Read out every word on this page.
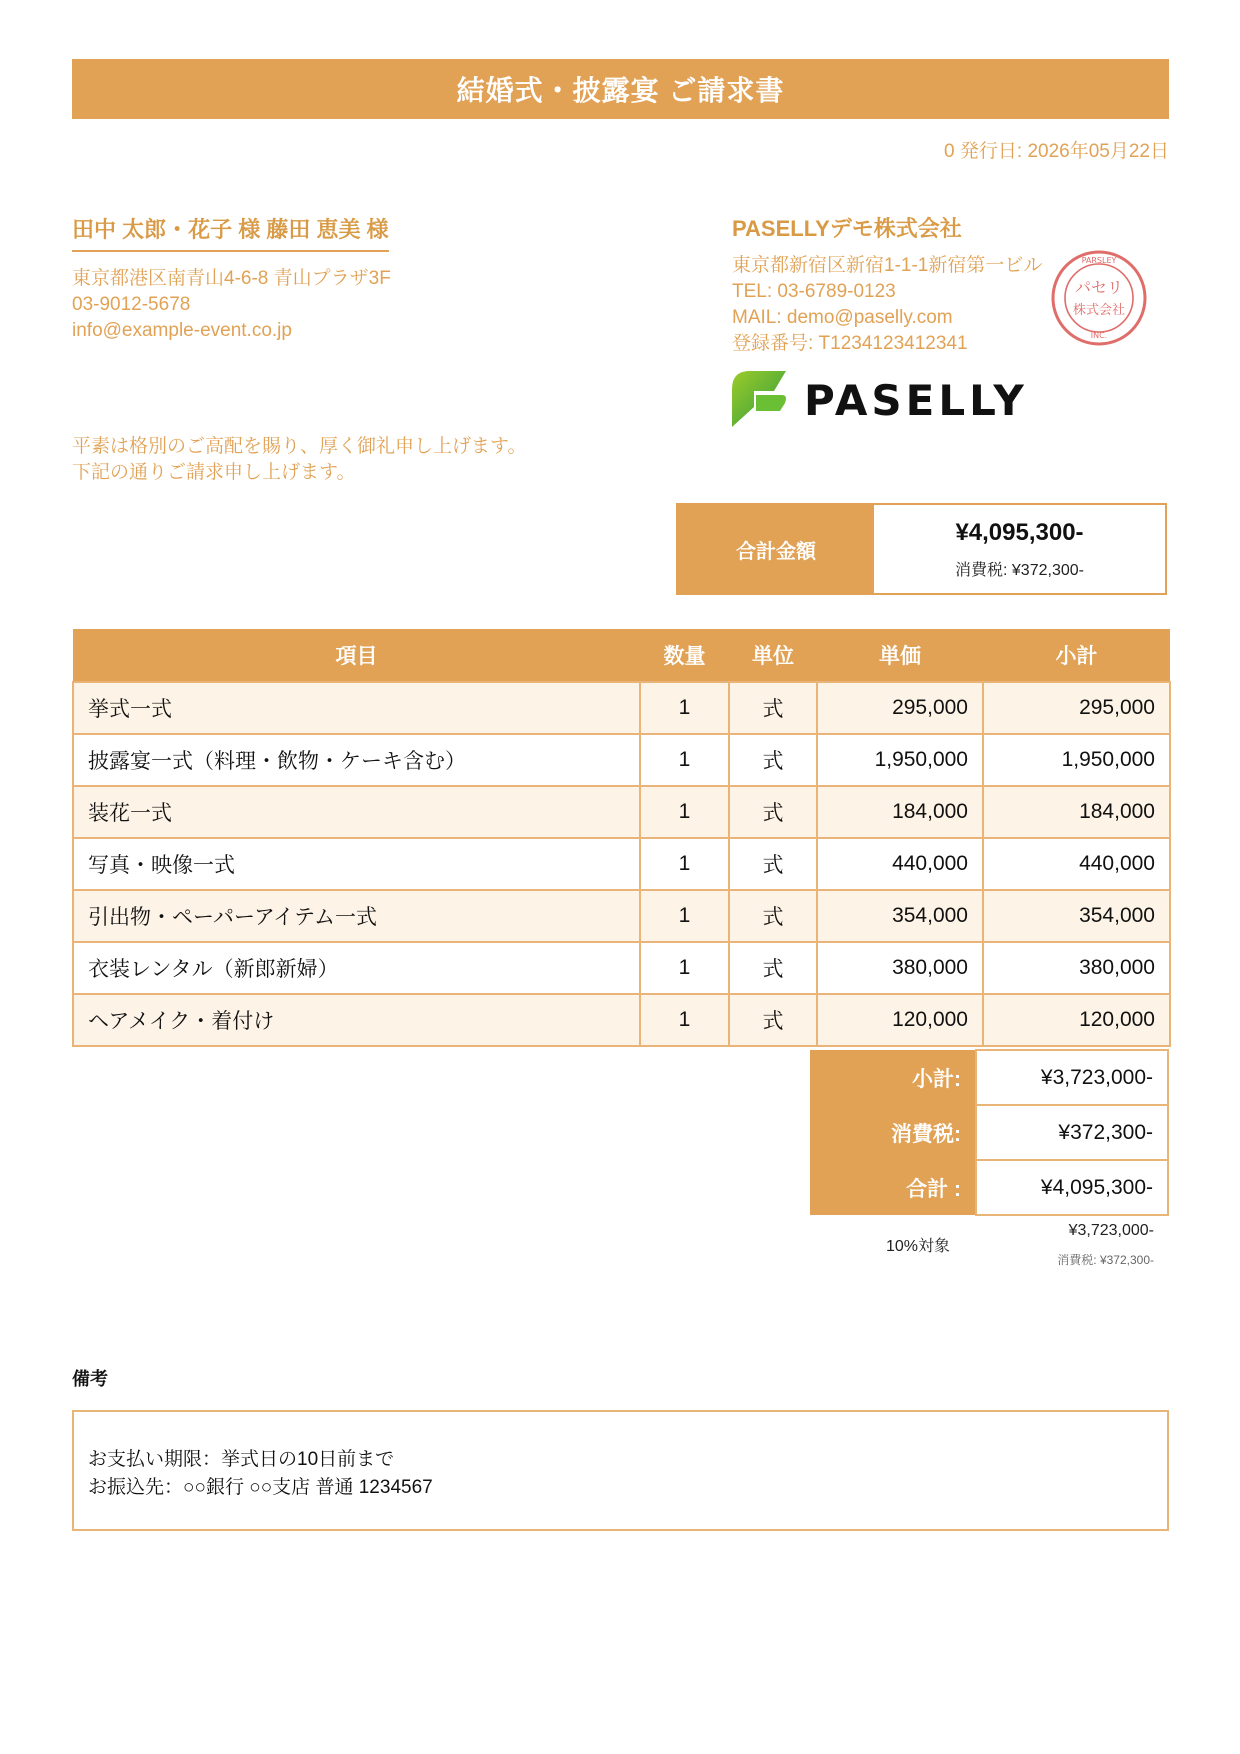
結婚式・披露宴 ご請求書
0 発行日: 2026年05月22日
田中 太郎・花子 様 藤田 恵美 様
東京都港区南青山4-6-8 青山プラザ3F
03-9012-5678
info@example-event.co.jp
PASELLYデモ株式会社
東京都新宿区新宿1-1-1新宿第一ビル
TEL: 03-6789-0123
MAIL: demo@paselly.com
登録番号: T1234123412341
パセリ
株式会社
INC.
PARSLEY
PASELLY
平素は格別のご高配を賜り、厚く御礼申し上げます。
下記の通りご請求申し上げます。
合計金額
¥4,095,300-
消費税: ¥372,300-
項目	数量	単位	単価	小計
挙式一式	1	式	295,000	295,000
披露宴一式（料理・飲物・ケーキ含む）	1	式	1,950,000	1,950,000
装花一式	1	式	184,000	184,000
写真・映像一式	1	式	440,000	440,000
引出物・ペーパーアイテム一式	1	式	354,000	354,000
衣装レンタル（新郎新婦）	1	式	380,000	380,000
ヘアメイク・着付け	1	式	120,000	120,000
小計:	¥3,723,000-
消費税:	¥372,300-
合計 :	¥4,095,300-
10%対象
¥3,723,000-
消費税: ¥372,300-
備考
お支払い期限：挙式日の10日前まで
お振込先：○○銀行 ○○支店 普通 1234567
